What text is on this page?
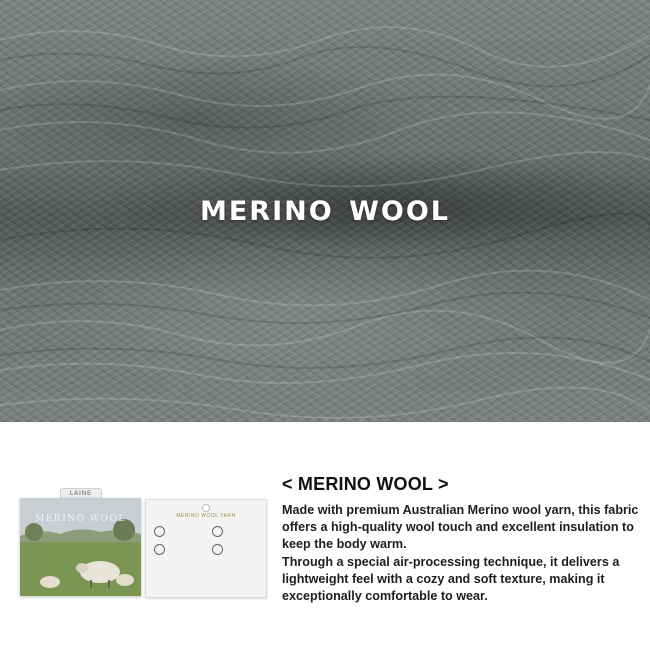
MERINO WOOL
LAINE
MERINO WOOL	MERINO WOOL YARN
< MERINO WOOL >

Made with premium Australian Merino wool yarn, this fabric offers a high-quality wool touch and excellent insulation to keep the body warm.

Through a special air-processing technique, it delivers a lightweight feel with a cozy and soft texture, making it exceptionally comfortable to wear.
